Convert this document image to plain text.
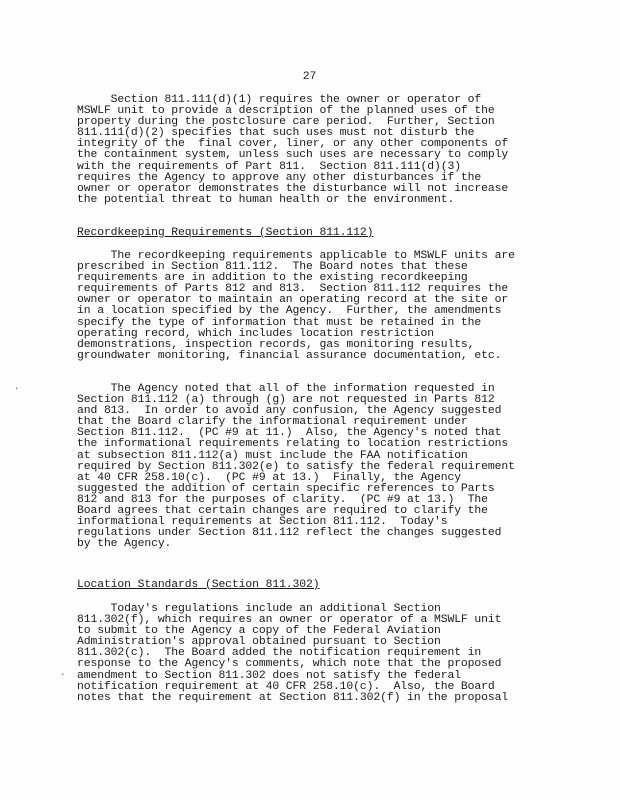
27
Section 811.111(d)(1) requires the owner or operator of
MSWLF unit to provide a description of the planned uses of the
property during the postclosure care period.  Further, Section
811.111(d)(2) specifies that such uses must not disturb the
integrity of the  final cover, liner, or any other components of
the containment system, unless such uses are necessary to comply
with the requirements of Part 811.  Section 811.111(d)(3)
requires the Agency to approve any other disturbances if the
owner or operator demonstrates the disturbance will not increase
the potential threat to human health or the environment.
Recordkeeping Requirements (Section 811.112)
The recordkeeping requirements applicable to MSWLF units are
prescribed in Section 811.112.  The Board notes that these
requirements are in addition to the existing recordkeeping
requirements of Parts 812 and 813.  Section 811.112 requires the
owner or operator to maintain an operating record at the site or
in a location specified by the Agency.  Further, the amendments
specify the type of information that must be retained in the
operating record, which includes location restriction
demonstrations, inspection records, gas monitoring results,
groundwater monitoring, financial assurance documentation, etc.
The Agency noted that all of the information requested in
Section 811.112 (a) through (g) are not requested in Parts 812
and 813.  In order to avoid any confusion, the Agency suggested
that the Board clarify the informational requirement under
Section 811.112.  (PC #9 at 11.)  Also, the Agency's noted that
the informational requirements relating to location restrictions
at subsection 811.112(a) must include the FAA notification
required by Section 811.302(e) to satisfy the federal requirement
at 40 CFR 258.10(c).  (PC #9 at 13.)  Finally, the Agency
suggested the addition of certain specific references to Parts
812 and 813 for the purposes of clarity.  (PC #9 at 13.)  The
Board agrees that certain changes are required to clarify the
informational requirements at Section 811.112.  Today's
regulations under Section 811.112 reflect the changes suggested
by the Agency.
Location Standards (Section 811.302)
Today's regulations include an additional Section
811.302(f), which requires an owner or operator of a MSWLF unit
to submit to the Agency a copy of the Federal Aviation
Administration's approval obtained pursuant to Section
811.302(c).  The Board added the notification requirement in
response to the Agency's comments, which note that the proposed
amendment to Section 811.302 does not satisfy the federal
notification requirement at 40 CFR 258.10(c).  Also, the Board
notes that the requirement at Section 811.302(f) in the proposal
·
·
